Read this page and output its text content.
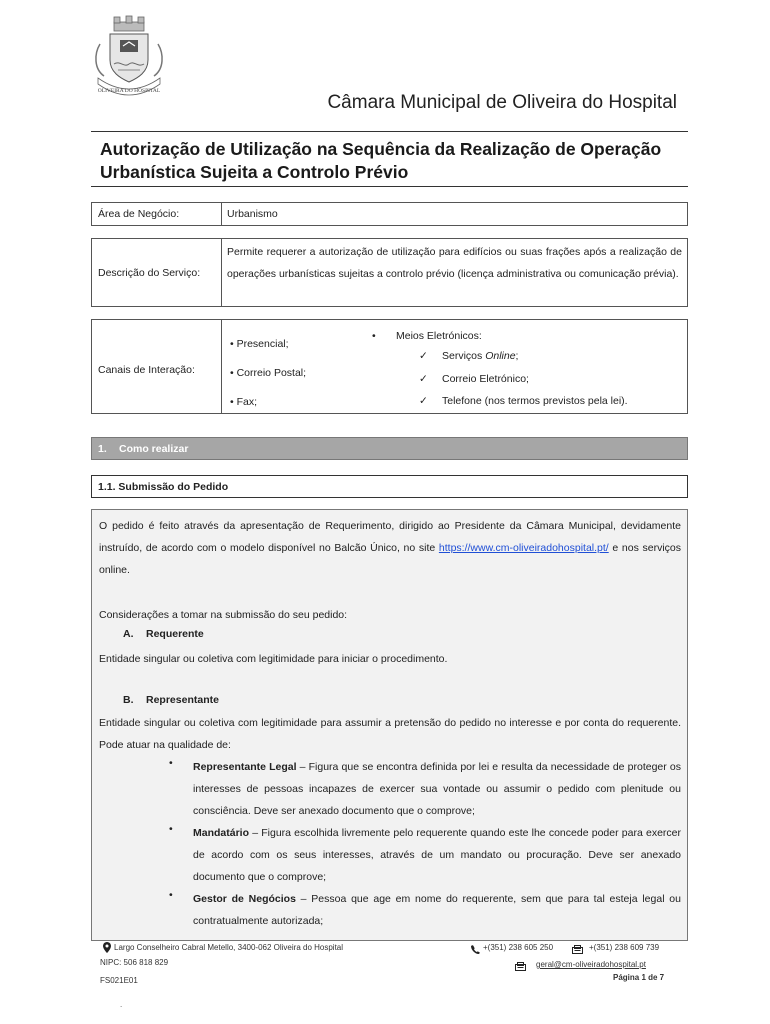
OLIVEIRA DO HOSPITAL
Câmara Municipal de Oliveira do Hospital
Autorização de Utilização na Sequência da Realização de Operação
Urbanística Sujeita a Controlo Prévio
Área de Negócio:	Urbanismo
Descrição do Serviço:
Permite requerer a autorização de utilização para edifícios ou suas frações após a realização de operações urbanísticas sujeitas a controlo prévio (licença administrativa ou comunicação prévia).
Canais de Interação:
• Presencial;
• Correio Postal;
• Fax;
• Meios Eletrónicos:
✓ Serviços Online;
✓ Correio Eletrónico;
✓ Telefone (nos termos previstos pela lei).
1. Como realizar
1.1. Submissão do Pedido
O pedido é feito através da apresentação de Requerimento, dirigido ao Presidente da Câmara Municipal, devidamente instruído, de acordo com o modelo disponível no Balcão Único, no site https://www.cm-oliveiradohospital.pt/ e nos serviços online.
Considerações a tomar na submissão do seu pedido:
A. Requerente
Entidade singular ou coletiva com legitimidade para iniciar o procedimento.
B. Representante
Entidade singular ou coletiva com legitimidade para assumir a pretensão do pedido no interesse e por conta do requerente. Pode atuar na qualidade de:
• Representante Legal – Figura que se encontra definida por lei e resulta da necessidade de proteger os interesses de pessoas incapazes de exercer sua vontade ou assumir o pedido com plenitude ou consciência. Deve ser anexado documento que o comprove;
• Mandatário – Figura escolhida livremente pelo requerente quando este lhe concede poder para exercer de acordo com os seus interesses, através de um mandato ou procuração. Deve ser anexado documento que o comprove;
• Gestor de Negócios – Pessoa que age em nome do requerente, sem que para tal esteja legal ou contratualmente autorizada;
Largo Conselheiro Cabral Metello, 3400-062 Oliveira do Hospital
NIPC: 506 818 829
FS021E01
+(351) 238 605 250	+(351) 238 609 739
geral@cm-oliveiradohospital.pt
Página 1 de 7
.
